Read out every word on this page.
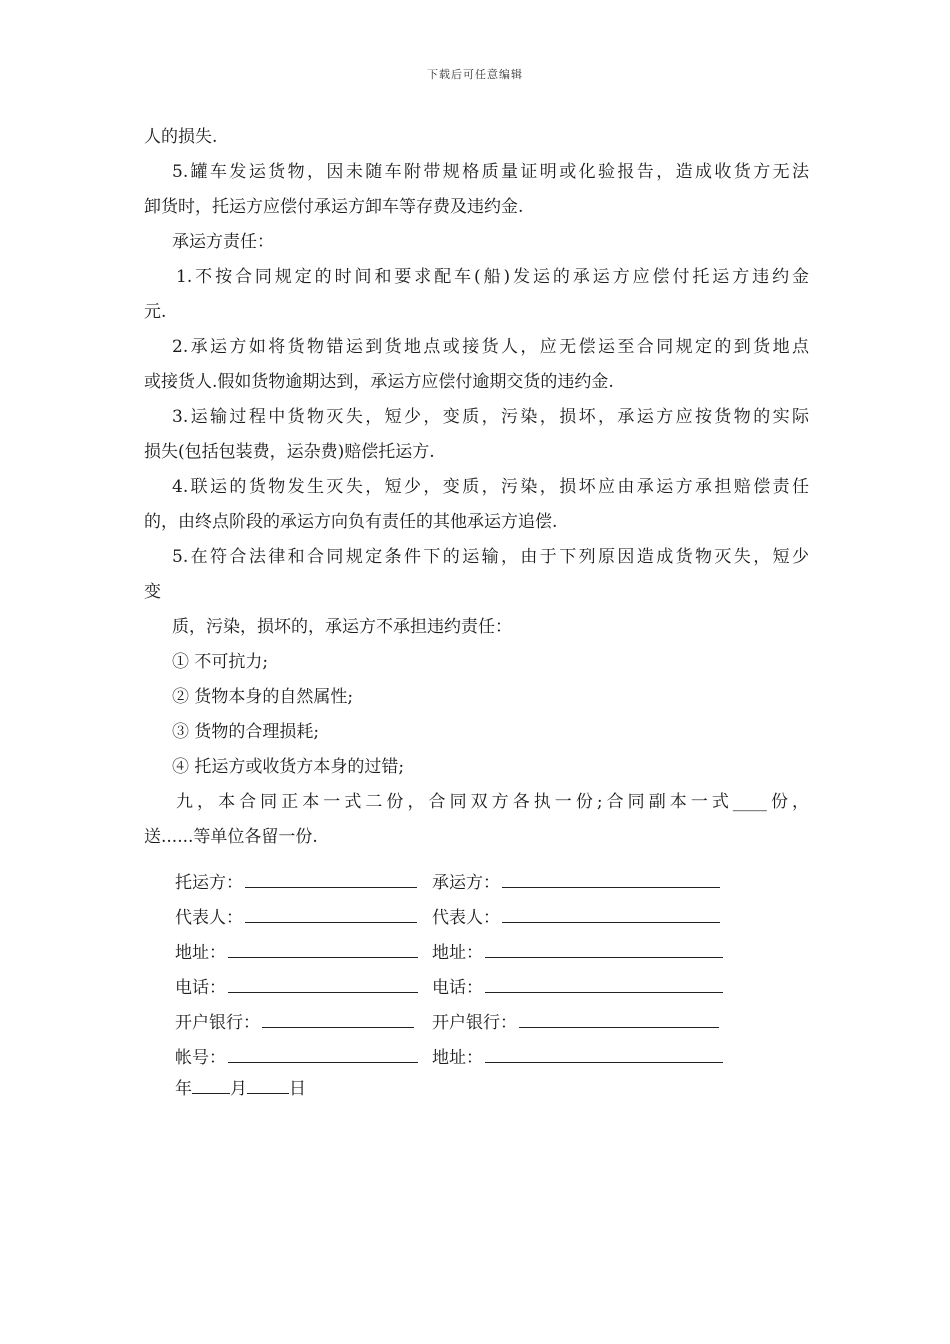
下载后可任意编辑
人的损失.
5.罐车发运货物，因未随车附带规格质量证明或化验报告，造成收货方无法
卸货时，托运方应偿付承运方卸车等存费及违约金.
承运方责任：
1.不按合同规定的时间和要求配车(船)发运的承运方应偿付托运方违约金
元.
2.承运方如将货物错运到货地点或接货人，应无偿运至合同规定的到货地点
或接货人.假如货物逾期达到，承运方应偿付逾期交货的违约金.
3.运输过程中货物灭失，短少，变质，污染，损坏，承运方应按货物的实际
损失(包括包装费，运杂费)赔偿托运方.
4.联运的货物发生灭失，短少，变质，污染，损坏应由承运方承担赔偿责任
的，由终点阶段的承运方向负有责任的其他承运方追偿.
5.在符合法律和合同规定条件下的运输，由于下列原因造成货物灭失，短少
变
质，污染，损坏的，承运方不承担违约责任：
① 不可抗力;
② 货物本身的自然属性;
③ 货物的合理损耗;
④ 托运方或收货方本身的过错;
九，本合同正本一式二份，合同双方各执一份;合同副本一式____份，
送......等单位各留一份.
托运方：	承运方：
代表人：	代表人：
地址：	地址：
电话：	电话：
开户银行：	开户银行：
帐号：	地址：
年 月 日
